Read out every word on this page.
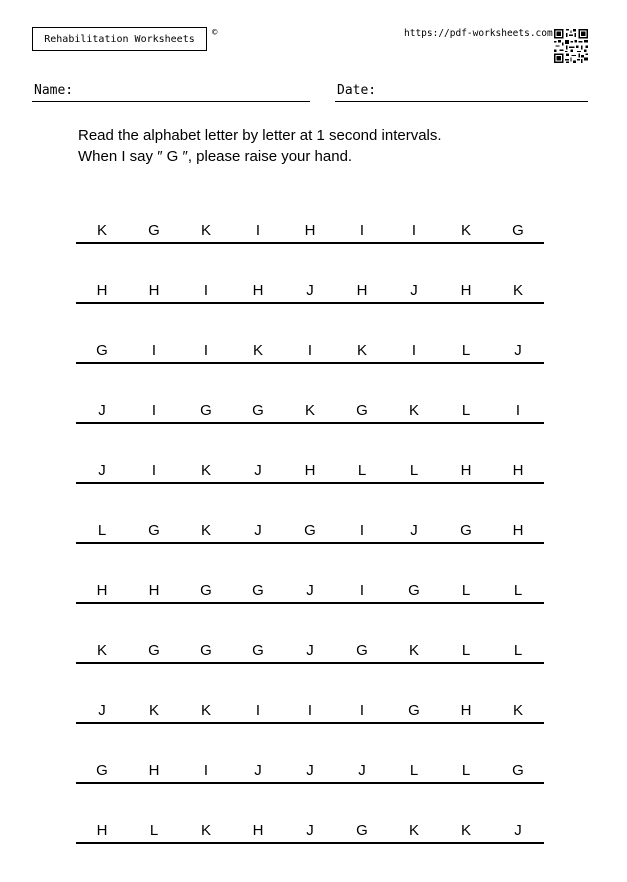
Rehabilitation Worksheets
©	https://pdf-worksheets.com
Name:	Date:
Read the alphabet letter by letter at 1 second intervals.
When I say ″ G ″, please raise your hand.
K	G	K	I	H	I	I	K	G
H	H	I	H	J	H	J	H	K
G	I	I	K	I	K	I	L	J
J	I	G	G	K	G	K	L	I
J	I	K	J	H	L	L	H	H
L	G	K	J	G	I	J	G	H
H	H	G	G	J	I	G	L	L
K	G	G	G	J	G	K	L	L
J	K	K	I	I	I	G	H	K
G	H	I	J	J	J	L	L	G
H	L	K	H	J	G	K	K	J
